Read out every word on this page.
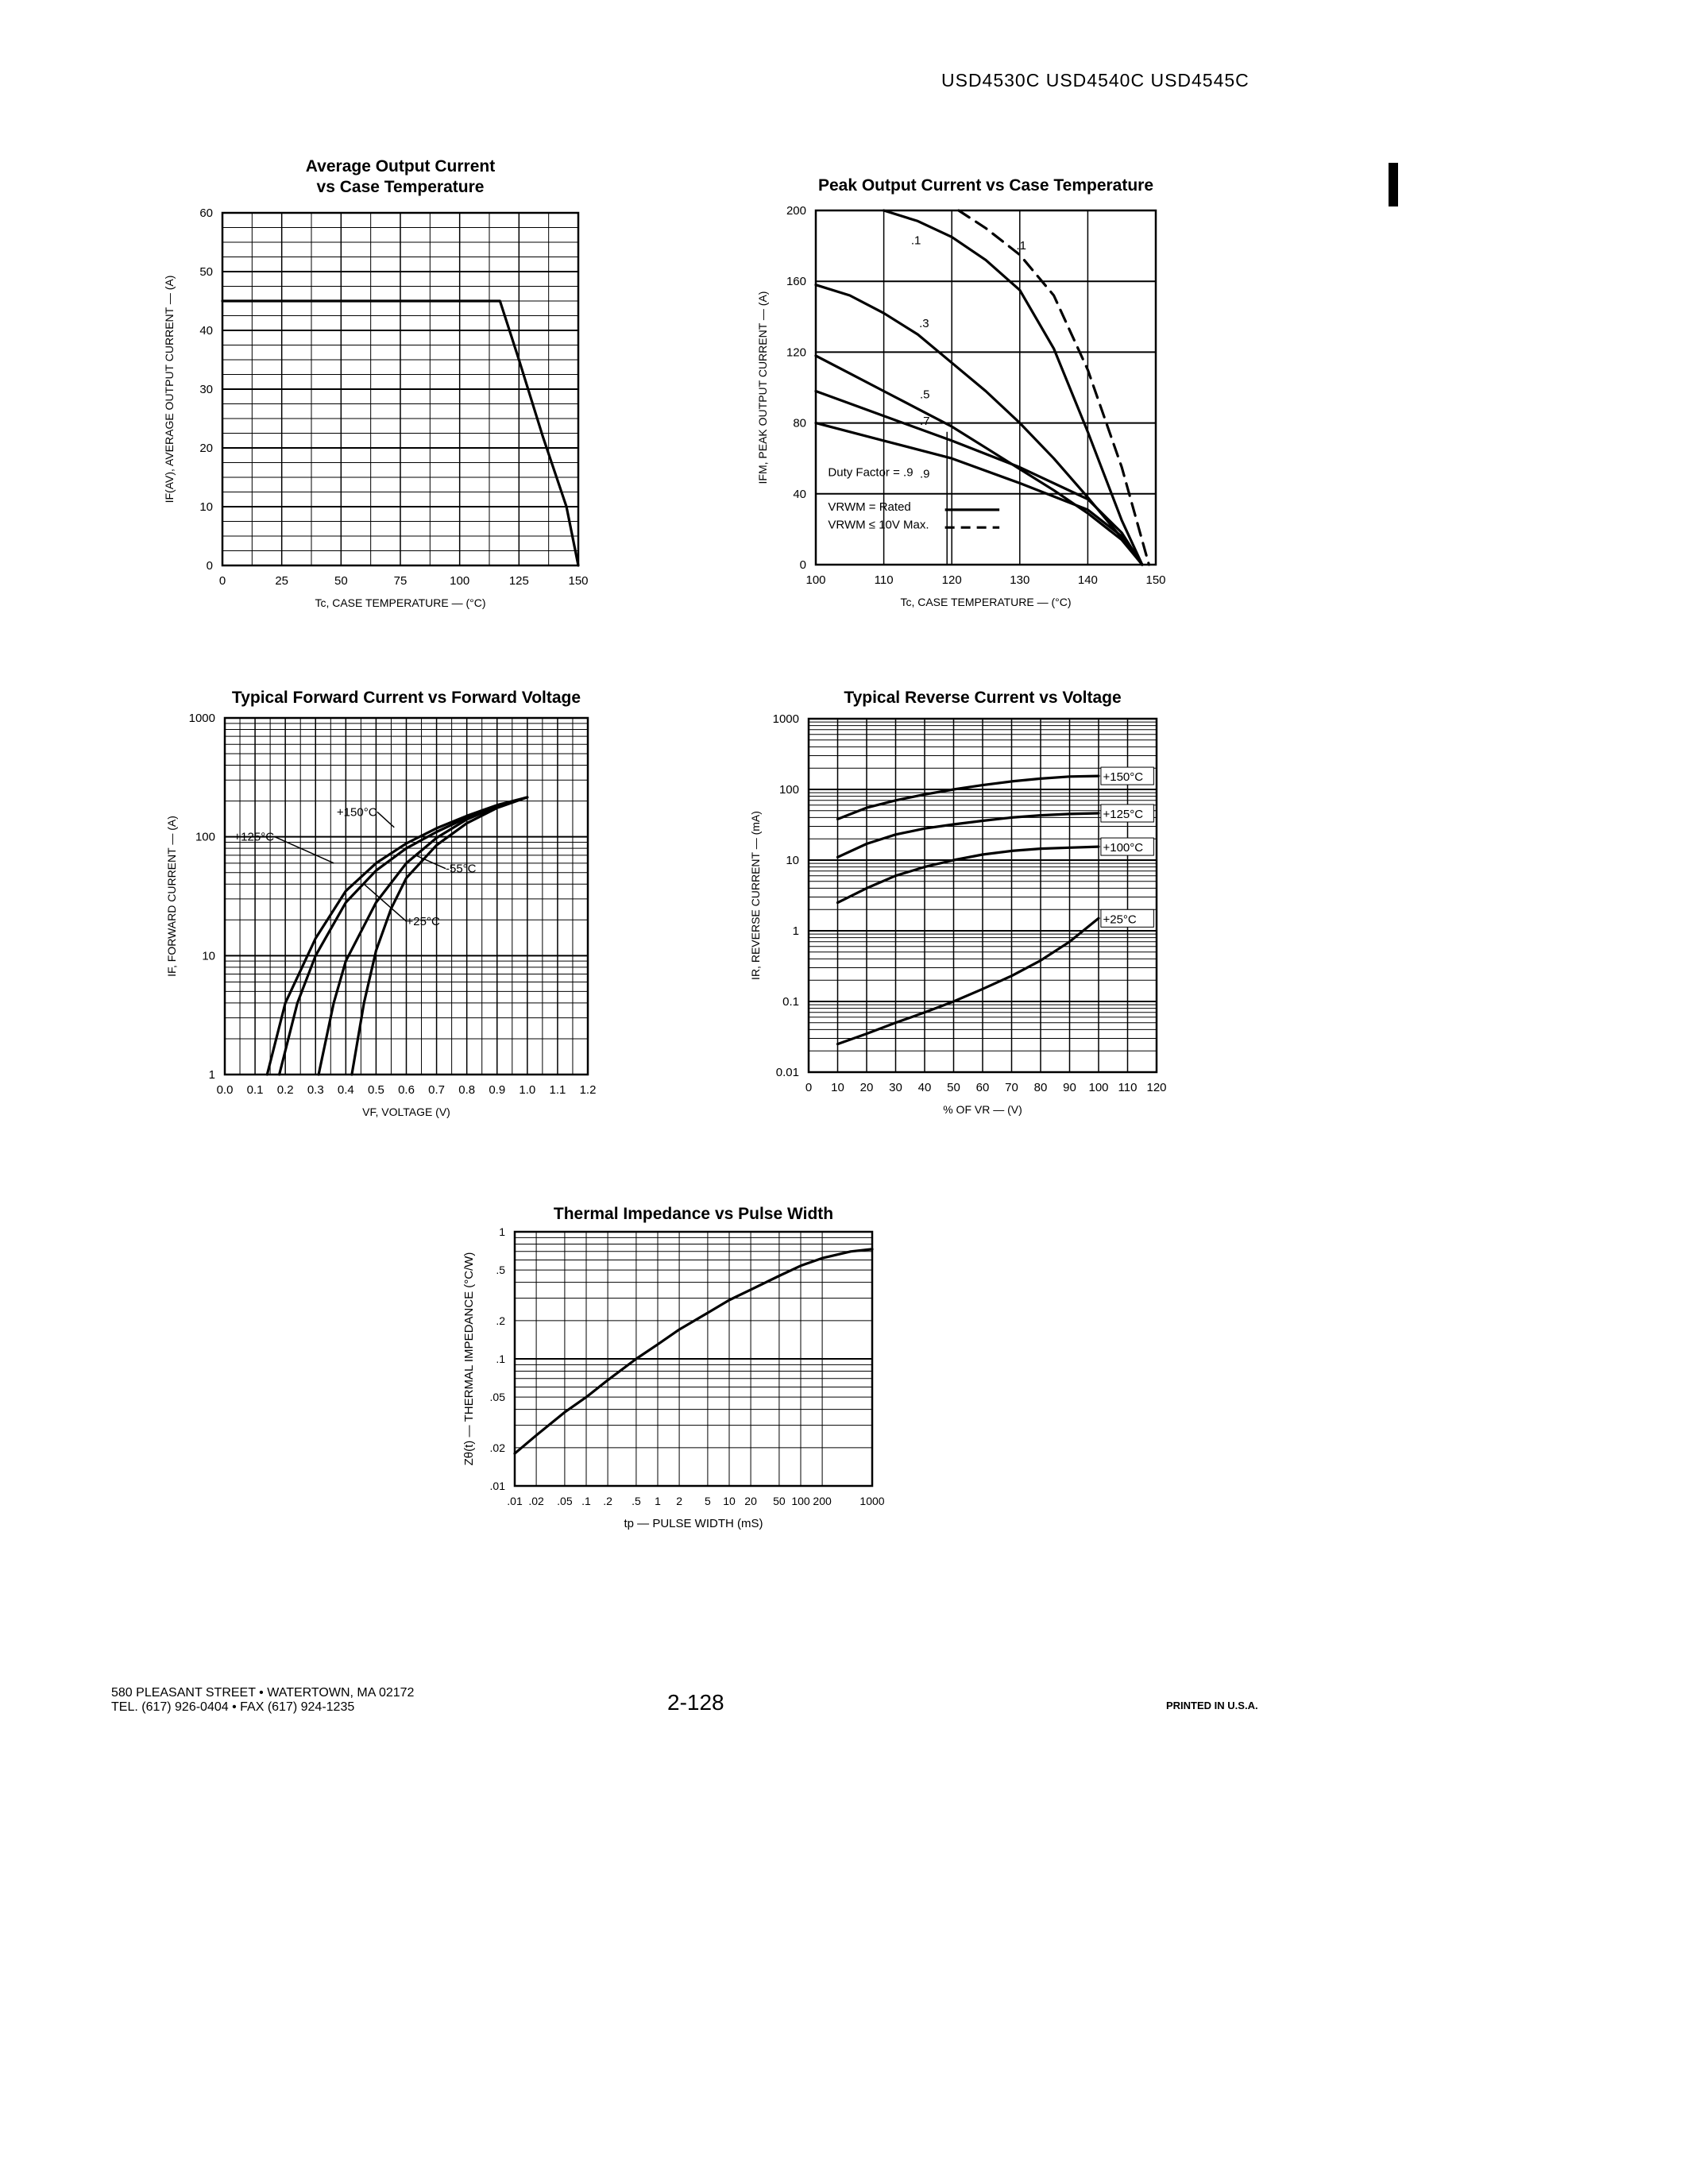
USD4530C USD4540C USD4545C
0	25	50	75	100	125	150
0
10
20
30
40
50
60
Average Output Current
vs Case Temperature
Tc, CASE TEMPERATURE — (°C)
IF(AV), AVERAGE OUTPUT CURRENT — (A)
100	110	120	130	140	150
0
40
80
120
160
200
Peak Output Current vs Case Temperature
Tc, CASE TEMPERATURE — (°C)
IFM, PEAK OUTPUT CURRENT — (A)
.1	.1
.3
.5
.7
.9
Duty Factor = .9
VRWM = Rated
VRWM ≤ 10V Max.
0.0 0.1 0.2 0.3 0.4 0.5 0.6 0.7 0.8 0.9 1.0 1.1 1.2
1
10
100
1000
Typical Forward Current vs Forward Voltage
VF, VOLTAGE (V)
IF, FORWARD CURRENT — (A)
+150°C
+125°C
+25°C
-55°C
0 10 20 30 40 50 60 70 80 90 100 110 120
0.01
0.1
1
10
100
1000
Typical Reverse Current vs Voltage
% OF VR — (V)
IR, REVERSE CURRENT — (mA)
+150°C
+125°C
+100°C
+25°C
.01 .02 .05 .1 .2 .5 1 2 5 10 20 50 100 200	1000
.01
.02
.05
.1
.2
.5
1
Thermal Impedance vs Pulse Width
tp — PULSE WIDTH (mS)
Zθ(t) — THERMAL IMPEDANCE (°C/W)
580 PLEASANT STREET • WATERTOWN, MA 02172
TEL. (617) 926-0404 • FAX (617) 924-1235	2-128	PRINTED IN U.S.A.
